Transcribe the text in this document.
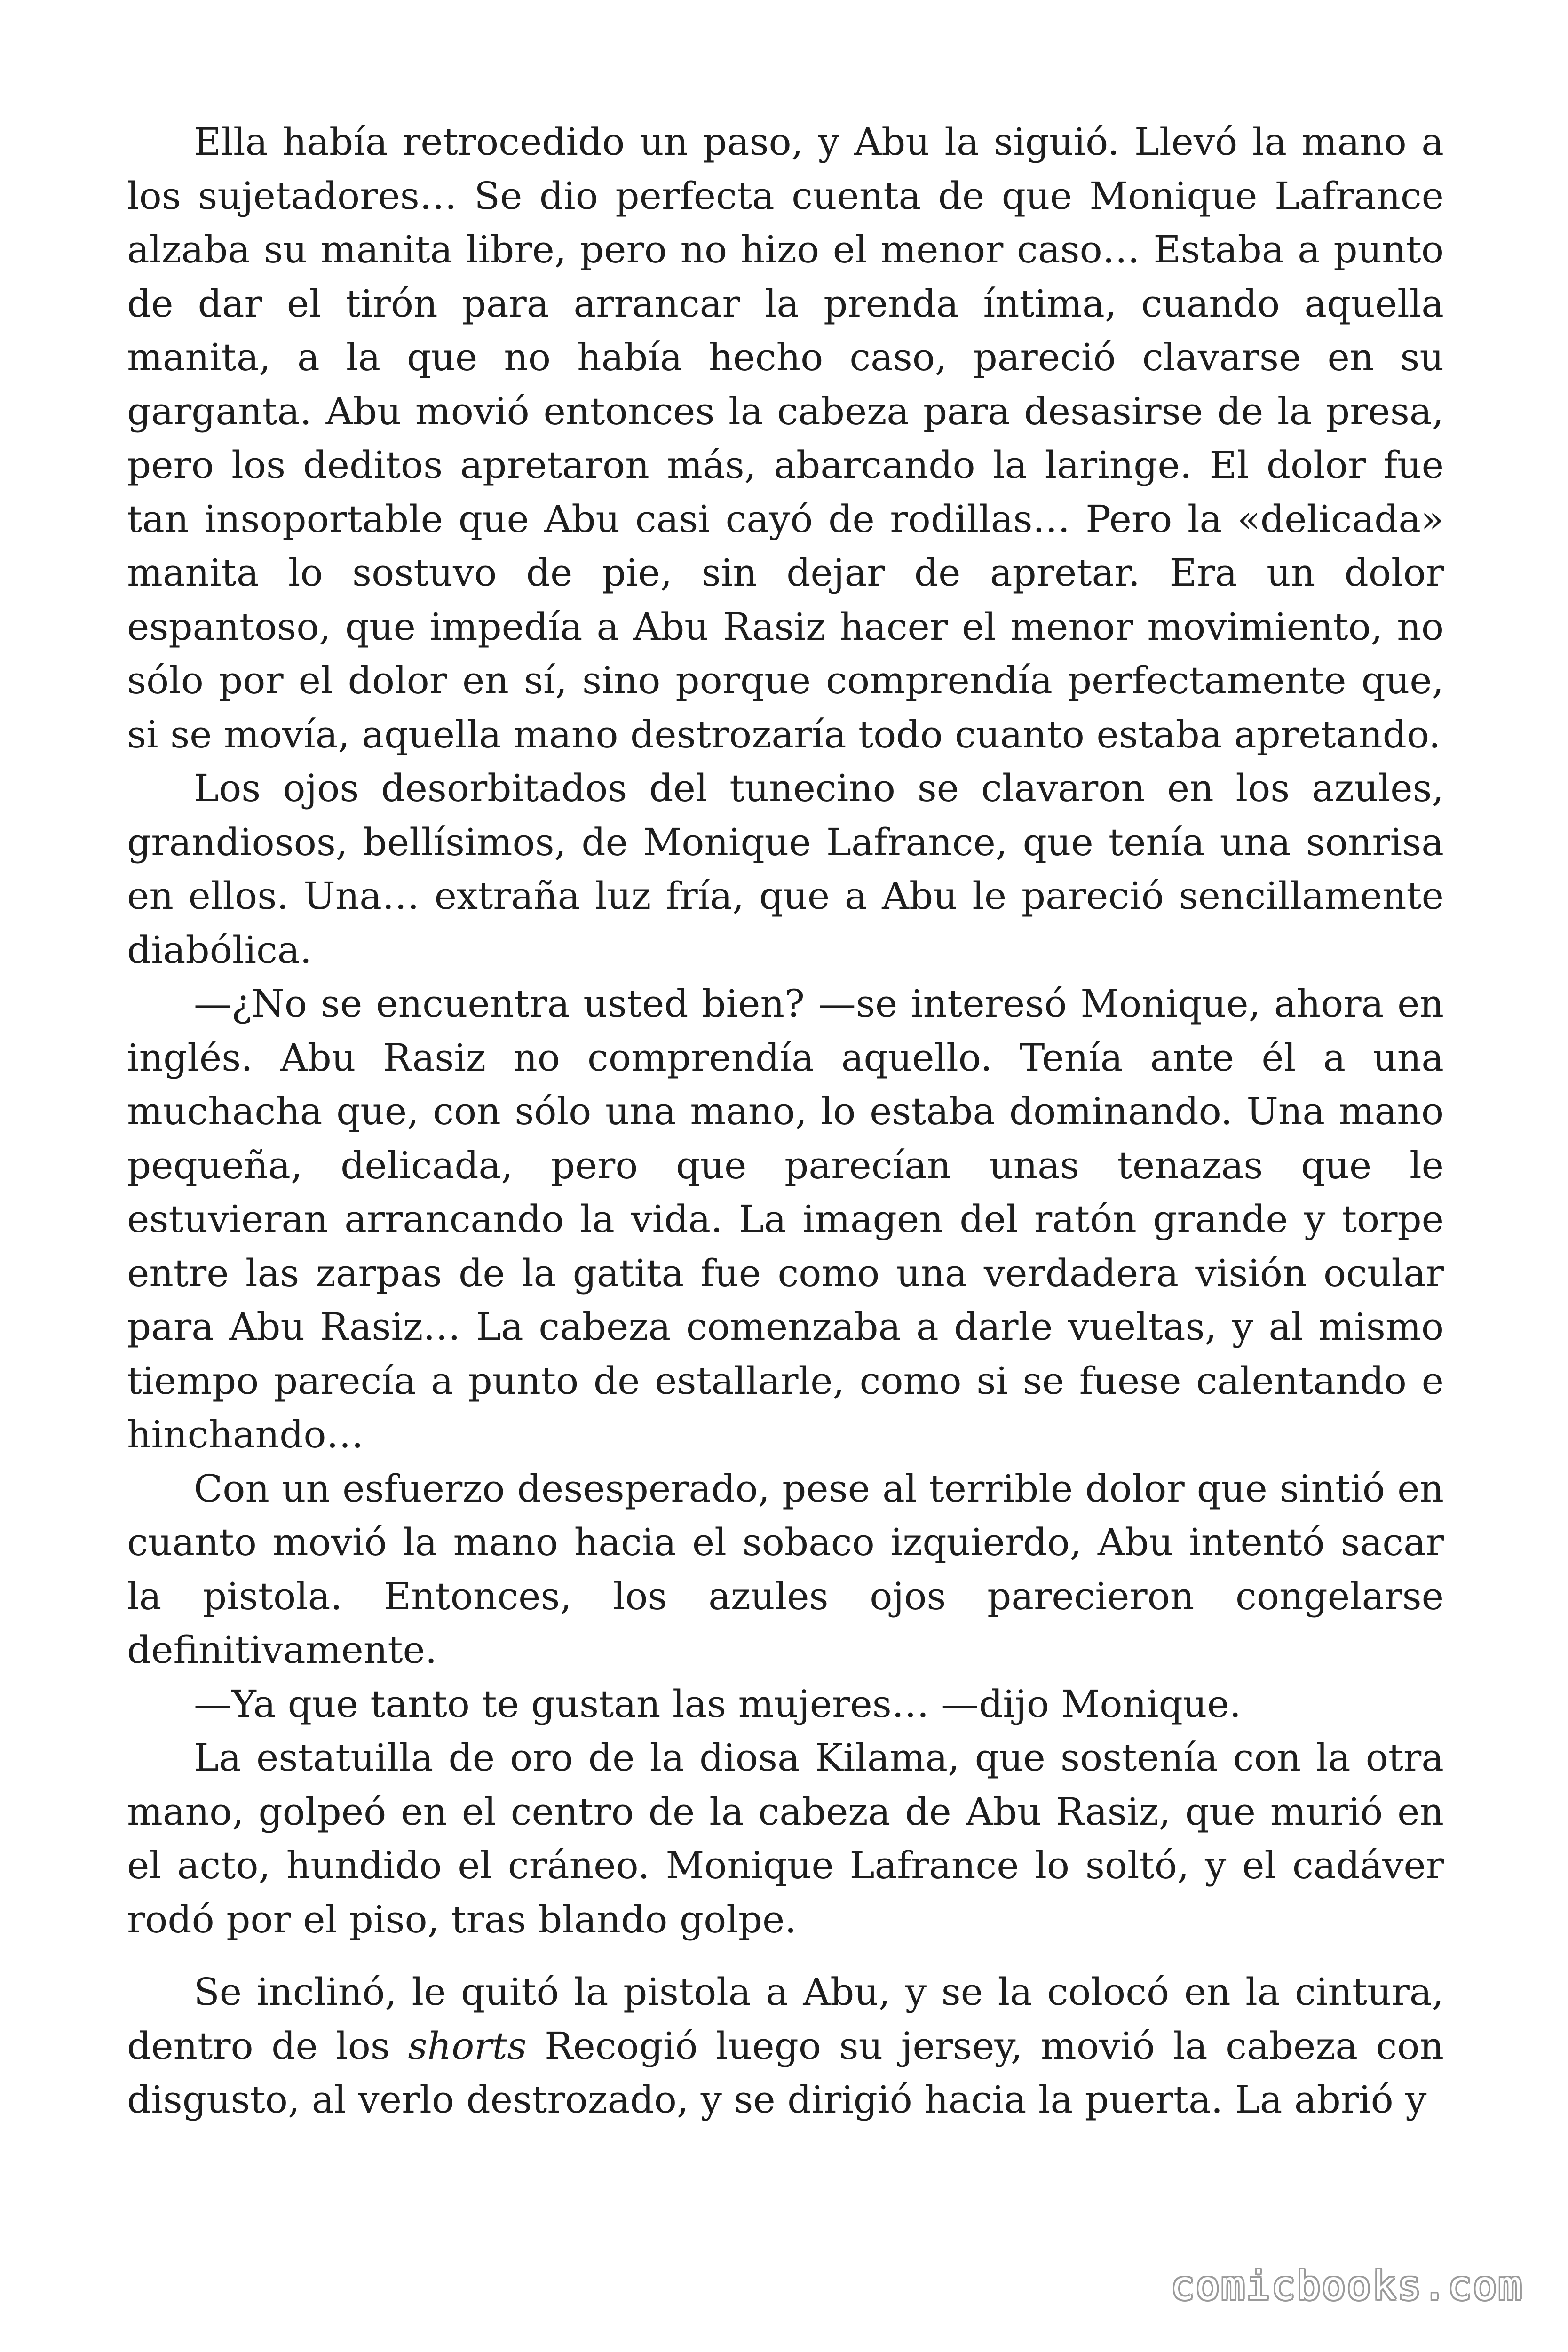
Ella había retrocedido un paso, y Abu la siguió. Llevó la mano a los sujetadores… Se dio perfecta cuenta de que Monique Lafrance alzaba su manita libre, pero no hizo el menor caso… Estaba a punto de dar el tirón para arrancar la prenda íntima, cuando aquella manita, a la que no había hecho caso, pareció clavarse en su garganta. Abu movió entonces la cabeza para desasirse de la presa, pero los deditos apretaron más, abarcando la laringe. El dolor fue tan insoportable que Abu casi cayó de rodillas… Pero la «delicada» manita lo sostuvo de pie, sin dejar de apretar. Era un dolor espantoso, que impedía a Abu Rasiz hacer el menor movimiento, no sólo por el dolor en sí, sino porque comprendía perfectamente que, si se movía, aquella mano destrozaría todo cuanto estaba apretando.

Los ojos desorbitados del tunecino se clavaron en los azules, grandiosos, bellísimos, de Monique Lafrance, que tenía una sonrisa en ellos. Una… extraña luz fría, que a Abu le pareció sencillamente diabólica.

—¿No se encuentra usted bien? —se interesó Monique, ahora en inglés. Abu Rasiz no comprendía aquello. Tenía ante él a una muchacha que, con sólo una mano, lo estaba dominando. Una mano pequeña, delicada, pero que parecían unas tenazas que le estuvieran arrancando la vida. La imagen del ratón grande y torpe entre las zarpas de la gatita fue como una verdadera visión ocular para Abu Rasiz… La cabeza comenzaba a darle vueltas, y al mismo tiempo parecía a punto de estallarle, como si se fuese calentando e hinchando…

Con un esfuerzo desesperado, pese al terrible dolor que sintió en cuanto movió la mano hacia el sobaco izquierdo, Abu intentó sacar la pistola. Entonces, los azules ojos parecieron congelarse definitivamente.

—Ya que tanto te gustan las mujeres… —dijo Monique.

La estatuilla de oro de la diosa Kilama, que sostenía con la otra mano, golpeó en el centro de la cabeza de Abu Rasiz, que murió en el acto, hundido el cráneo. Monique Lafrance lo soltó, y el cadáver rodó por el piso, tras blando golpe.

Se inclinó, le quitó la pistola a Abu, y se la colocó en la cintura, dentro de los shorts Recogió luego su jersey, movió la cabeza con disgusto, al verlo destrozado, y se dirigió hacia la puerta. La abrió y

comicbooks.com
